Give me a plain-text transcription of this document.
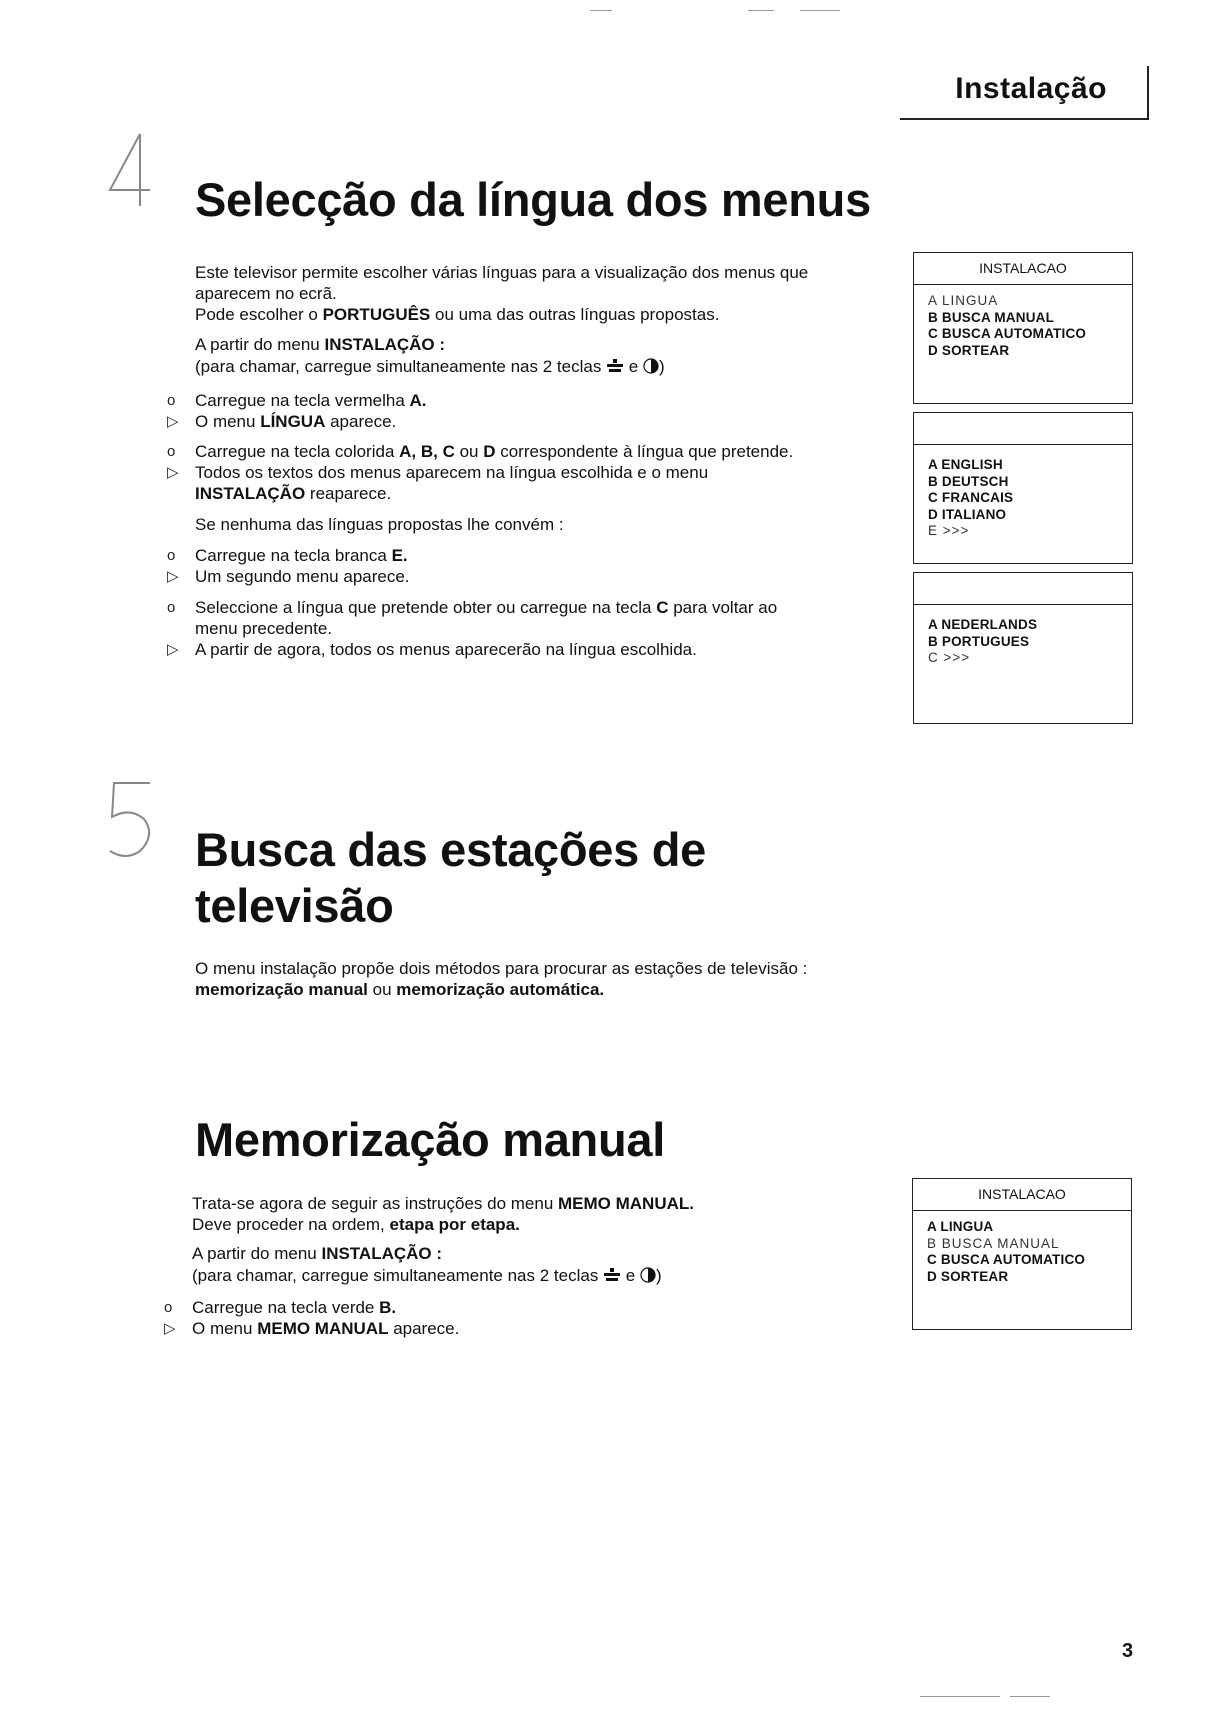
Instalação
Selecção da língua dos menus
Este televisor permite escolher várias línguas para a visualização dos menus que
aparecem no ecrã.
Pode escolher o PORTUGUÊS ou uma das outras línguas propostas.
A partir do menu INSTALAÇÃO :
(para chamar, carregue simultaneamente nas 2 teclas e )
o Carregue na tecla vermelha A.
▷ O menu LÍNGUA aparece.
o Carregue na tecla colorida A, B, C ou D correspondente à língua que pretende.
▷ Todos os textos dos menus aparecem na língua escolhida e o menu
INSTALAÇÃO reaparece.
Se nenhuma das línguas propostas lhe convém :
o Carregue na tecla branca E.
▷ Um segundo menu aparece.
o Seleccione a língua que pretende obter ou carregue na tecla C para voltar ao
menu precedente.
▷ A partir de agora, todos os menus aparecerão na língua escolhida.
INSTALACAO
A LINGUA
B BUSCA MANUAL
C BUSCA AUTOMATICO
D SORTEAR
A ENGLISH
B DEUTSCH
C FRANCAIS
D ITALIANO
E >>>
A NEDERLANDS
B PORTUGUES
C >>>
Busca das estações de
televisão
O menu instalação propõe dois métodos para procurar as estações de televisão :
memorização manual ou memorização automática.
Memorização manual
Trata-se agora de seguir as instruções do menu MEMO MANUAL.
Deve proceder na ordem, etapa por etapa.
A partir do menu INSTALAÇÃO :
(para chamar, carregue simultaneamente nas 2 teclas e )
o Carregue na tecla verde B.
▷ O menu MEMO MANUAL aparece.
INSTALACAO
A LINGUA
B BUSCA MANUAL
C BUSCA AUTOMATICO
D SORTEAR
3
